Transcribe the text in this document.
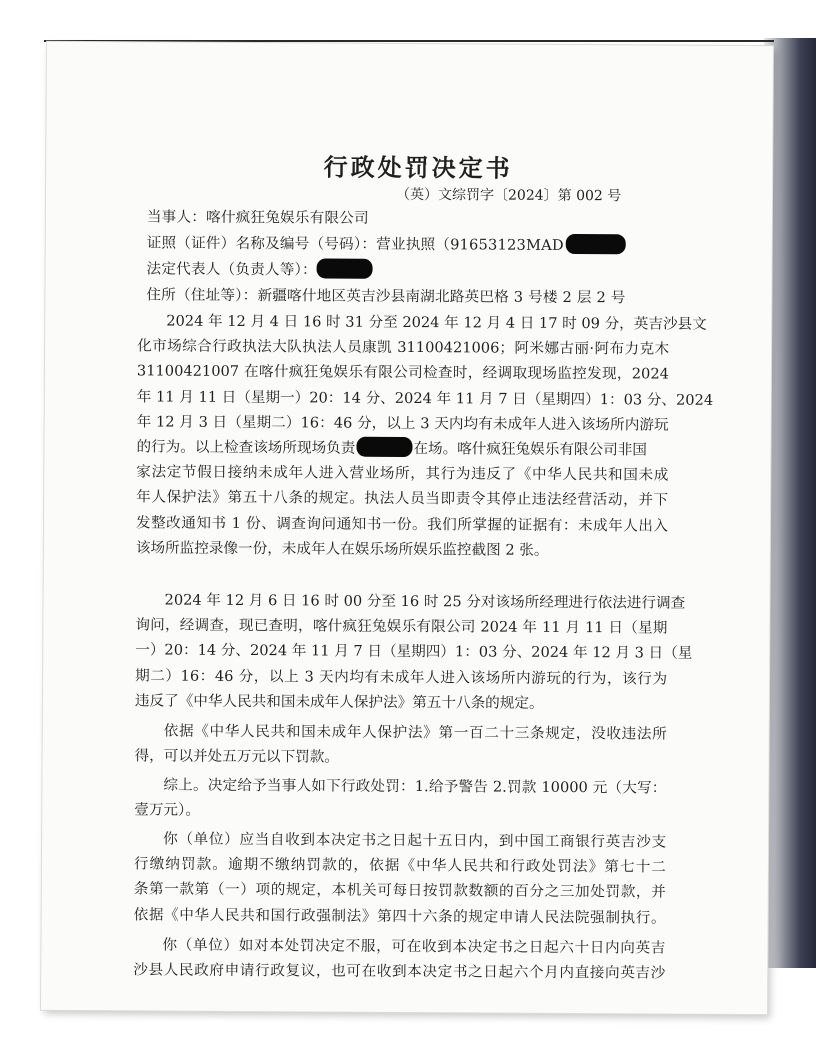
行政处罚决定书
（英）文综罚字〔2024〕第 002 号
当事人：喀什疯狂兔娱乐有限公司
证照（证件）名称及编号（号码）：营业执照（91653123MAD
法定代表人（负责人等）：
住所（住址等）：新疆喀什地区英吉沙县南湖北路英巴格 3 号楼 2 层 2 号
2024 年 12 月 4 日 16 时 31 分至 2024 年 12 月 4 日 17 时 09 分，英吉沙县文
化市场综合行政执法大队执法人员康凯 31100421006；阿米娜古丽·阿布力克木
31100421007 在喀什疯狂兔娱乐有限公司检查时，经调取现场监控发现，2024
年 11 月 11 日（星期一）20：14 分、2024 年 11 月 7 日（星期四）1：03 分、2024
年 12 月 3 日（星期二）16：46 分，以上 3 天内均有未成年人进入该场所内游玩
的行为。以上检查该场所现场负责	在场。喀什疯狂兔娱乐有限公司非国
家法定节假日接纳未成年人进入营业场所，其行为违反了《中华人民共和国未成
年人保护法》第五十八条的规定。执法人员当即责令其停止违法经营活动，并下
发整改通知书 1 份、调查询问通知书一份。我们所掌握的证据有：未成年人出入
该场所监控录像一份，未成年人在娱乐场所娱乐监控截图 2 张。
2024 年 12 月 6 日 16 时 00 分至 16 时 25 分对该场所经理进行依法进行调查
询问，经调查，现已查明，喀什疯狂兔娱乐有限公司 2024 年 11 月 11 日（星期
一）20：14 分、2024 年 11 月 7 日（星期四）1：03 分、2024 年 12 月 3 日（星
期二）16：46 分，以上 3 天内均有未成年人进入该场所内游玩的行为，该行为
违反了《中华人民共和国未成年人保护法》第五十八条的规定。
依据《中华人民共和国未成年人保护法》第一百二十三条规定，没收违法所
得，可以并处五万元以下罚款。
综上。决定给予当事人如下行政处罚：1.给予警告 2.罚款 10000 元（大写：
壹万元）。
你（单位）应当自收到本决定书之日起十五日内，到中国工商银行英吉沙支
行缴纳罚款。逾期不缴纳罚款的，依据《中华人民共和行政处罚法》第七十二
条第一款第（一）项的规定，本机关可每日按罚款数额的百分之三加处罚款，并
依据《中华人民共和国行政强制法》第四十六条的规定申请人民法院强制执行。
你（单位）如对本处罚决定不服，可在收到本决定书之日起六十日内向英吉
沙县人民政府申请行政复议，也可在收到本决定书之日起六个月内直接向英吉沙
